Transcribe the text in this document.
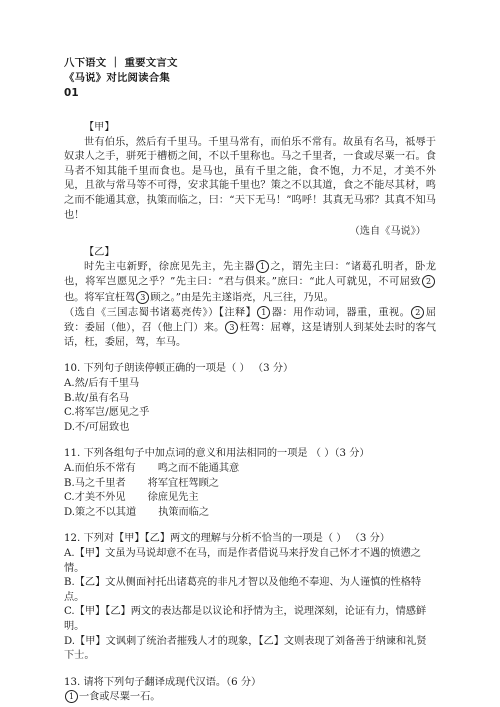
八下语文 ｜ 重要文言文
《马说》对比阅读合集
01
【甲】

世有伯乐，然后有千里马。千里马常有，而伯乐不常有。故虽有名马，祗辱于奴隶人之手，骈死于槽枥之间，不以千里称也。马之千里者，一食或尽粟一石。食马者不知其能千里而食也。是马也，虽有千里之能，食不饱，力不足，才美不外见，且欲与常马等不可得，安求其能千里也？策之不以其道，食之不能尽其材，鸣之而不能通其意，执策而临之，曰：“天下无马！”呜呼！其真无马邪？其真不知马也！

（选自《马说》）

【乙】

时先主屯新野，徐庶见先主，先主器 1 之，谓先主曰：“诸葛孔明者，卧龙也，将军岂愿见之乎？”先主曰：“君与俱来。”庶曰：“此人可就见，不可屈致 2也。将军宜枉驾 3 顾之。”由是先主遂诣亮，凡三往，乃见。

（选自《三国志蜀书诸葛亮传》）【注释】 1 器：用作动词，器重，重视。 2 屈致：委屈（他），召（他上门）来。 3 枉驾：屈尊，这是请别人到某处去时的客气话，枉，委屈，驾，车马。

10. 下列句子朗读停顿正确的一项是（ ） （3 分）
A.然/后有千里马
B.故/虽有名马
C.将军岂/愿见之乎
D.不/可屈致也
11. 下列各组句子中加点词的意义和用法相同的一项是 （ ）（3 分）
A.而伯乐不常有 鸣之而不能通其意
B.马之千里者 将军宜枉驾顾之
C.才美不外见 徐庶见先主
D.策之不以其道 执策而临之
12. 下列对【甲】【乙】两文的理解与分析不恰当的一项是（ ） （3 分）
A.【甲】文虽为马说却意不在马，而是作者借说马来抒发自己怀才不遇的愤懑之情。
B.【乙】文从侧面衬托出诸葛亮的非凡才智以及他绝不奉迎、为人谨慎的性格特点。
C.【甲】【乙】两文的表达都是以议论和抒情为主，说理深刻，论证有力，情感鲜明。
D.【甲】文讽刺了统治者摧残人才的现象，【乙】文则表现了刘备善于纳谏和礼贤下士。
13. 请将下列句子翻译成现代汉语。（6 分）
1 一食或尽粟一石。
